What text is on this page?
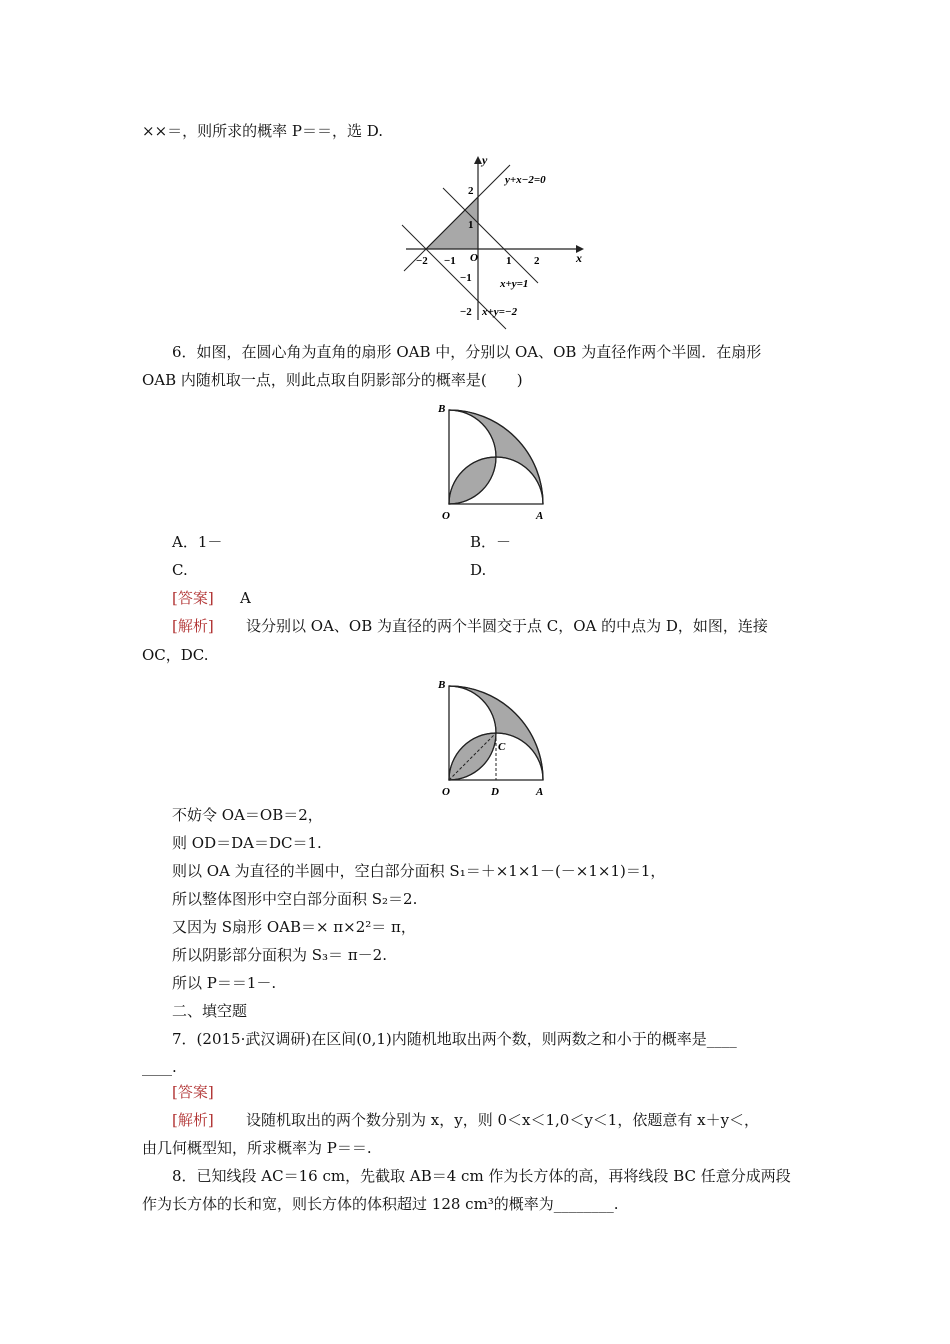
××＝，则所求的概率 P＝＝，选 D.
y
x
O
−2 −1	1 2
2
1
−1
−2
y+x−2=0
x+y=1
x+y=−2
6．如图，在圆心角为直角的扇形 OAB 中，分别以 OA、OB 为直径作两个半圆．在扇形
OAB 内随机取一点，则此点取自阴影部分的概率是(　　)
B
O	A
A．1－	B．－
C.	D.
[答案] A
[解析] 设分别以 OA、OB 为直径的两个半圆交于点 C，OA 的中点为 D，如图，连接
OC，DC.
B
O	A
C
D
不妨令 OA＝OB＝2，
则 OD＝DA＝DC＝1.
则以 OA 为直径的半圆中，空白部分面积 S₁＝＋×1×1－(－×1×1)＝1，
所以整体图形中空白部分面积 S₂＝2.
又因为 S扇形 OAB＝× π×2²＝ π，
所以阴影部分面积为 S₃＝ π－2.
所以 P＝＝1－.
二、填空题
7．(2015·武汉调研)在区间(0,1)内随机地取出两个数，则两数之和小于的概率是____
____.
[答案]
[解析] 设随机取出的两个数分别为 x，y，则 0＜x＜1,0＜y＜1，依题意有 x＋y＜，
由几何概型知，所求概率为 P＝＝.
8．已知线段 AC＝16 cm，先截取 AB＝4 cm 作为长方体的高，再将线段 BC 任意分成两段
作为长方体的长和宽，则长方体的体积超过 128 cm³的概率为________.
